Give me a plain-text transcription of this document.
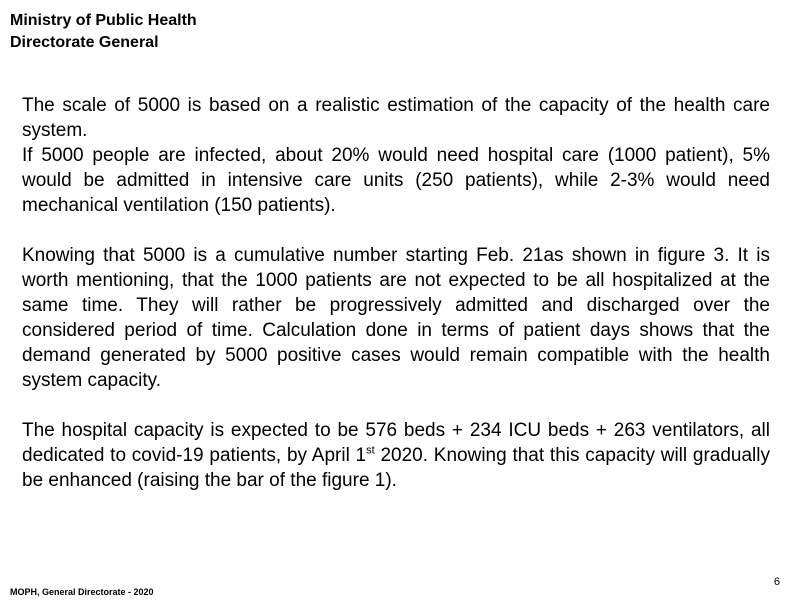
Ministry of Public Health
Directorate General

The scale of 5000 is based on a realistic estimation of the capacity of the health care system.

If 5000 people are infected, about 20% would need hospital care (1000 patient), 5% would be admitted in intensive care units (250 patients), while 2-3% would need mechanical ventilation (150 patients).

Knowing that 5000 is a cumulative number starting Feb. 21as shown in figure 3. It is worth mentioning, that the 1000 patients are not expected to be all hospitalized at the same time. They will rather be progressively admitted and discharged over the considered period of time. Calculation done in terms of patient days shows that the demand generated by 5000 positive cases would remain compatible with the health system capacity.

The hospital capacity is expected to be 576 beds + 234 ICU beds + 263 ventilators, all dedicated to covid-19 patients, by April 1st 2020. Knowing that this capacity will gradually be enhanced (raising the bar of the figure 1).

MOPH, General Directorate - 2020
6
